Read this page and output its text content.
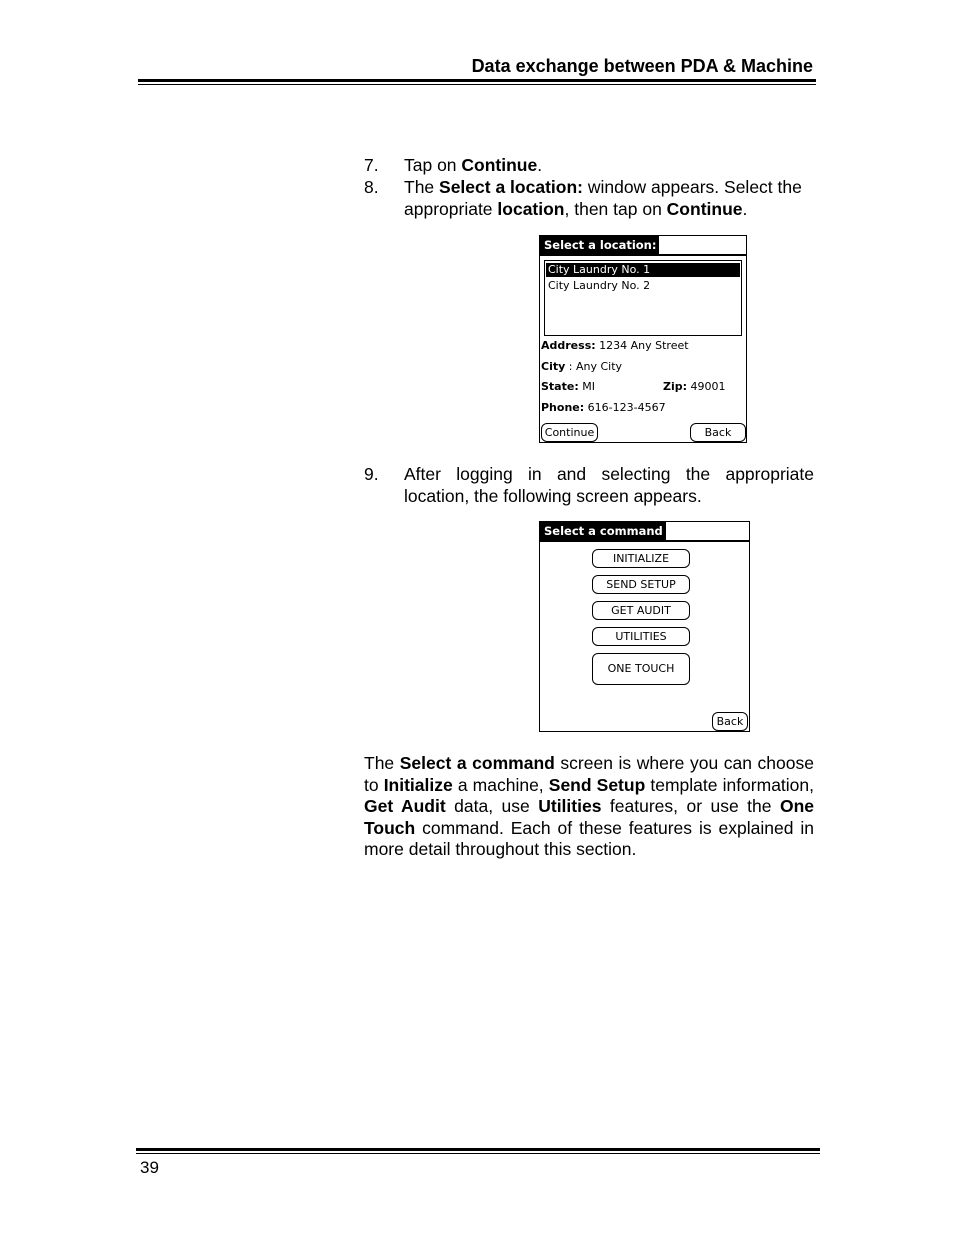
Data exchange between PDA & Machine
7.	Tap on Continue.
8.	The Select a location: window appears. Select the appropriate location, then tap on Continue.
Select a location:
City Laundry No. 1
City Laundry No. 2
Address: 1234 Any Street
City : Any City
State: MI	Zip: 49001
Phone: 616-123-4567
Continue	Back
9.	After logging in and selecting the appropriate location, the following screen appears.
Select a command
INITIALIZE
SEND SETUP
GET AUDIT
UTILITIES
ONE TOUCH
Back
The Select a command screen is where you can choose to Initialize a machine, Send Setup template information, Get Audit data, use Utilities features, or use the One Touch command. Each of these features is explained in more detail throughout this section.
39
